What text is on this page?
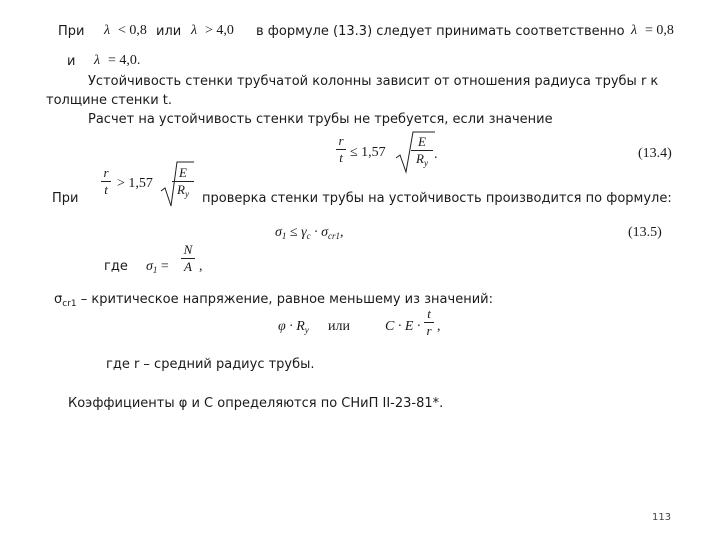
При λ < 0,8 или λ > 4,0 в формуле (13.3) следует принимать соответственно λ = 0,8
и λ = 4,0.
Устойчивость стенки трубчатой колонны зависит от отношения радиуса трубы r к
толщине стенки t.
Расчет на устойчивость стенки трубы не требуется, если значение
r
t ≤ 1,57
E
$R_y$
.	(13.4)
При
r
t > 1,57
E
$R_y$	проверка стенки трубы на устойчивость производится по формуле:
$\sigma_1 \le \gamma_c \cdot \sigma_{cr1}$,	(13.5)
где $\sigma_1$ =
N
A ,
$\sigma_{cr1}$ – критическое напряжение, равное меньшему из значений:
$\varphi \cdot R_y$ или	C · E ·
t
r ,
где r – средний радиус трубы.
Коэффициенты φ и C определяются по СНиП II-23-81*.
113
